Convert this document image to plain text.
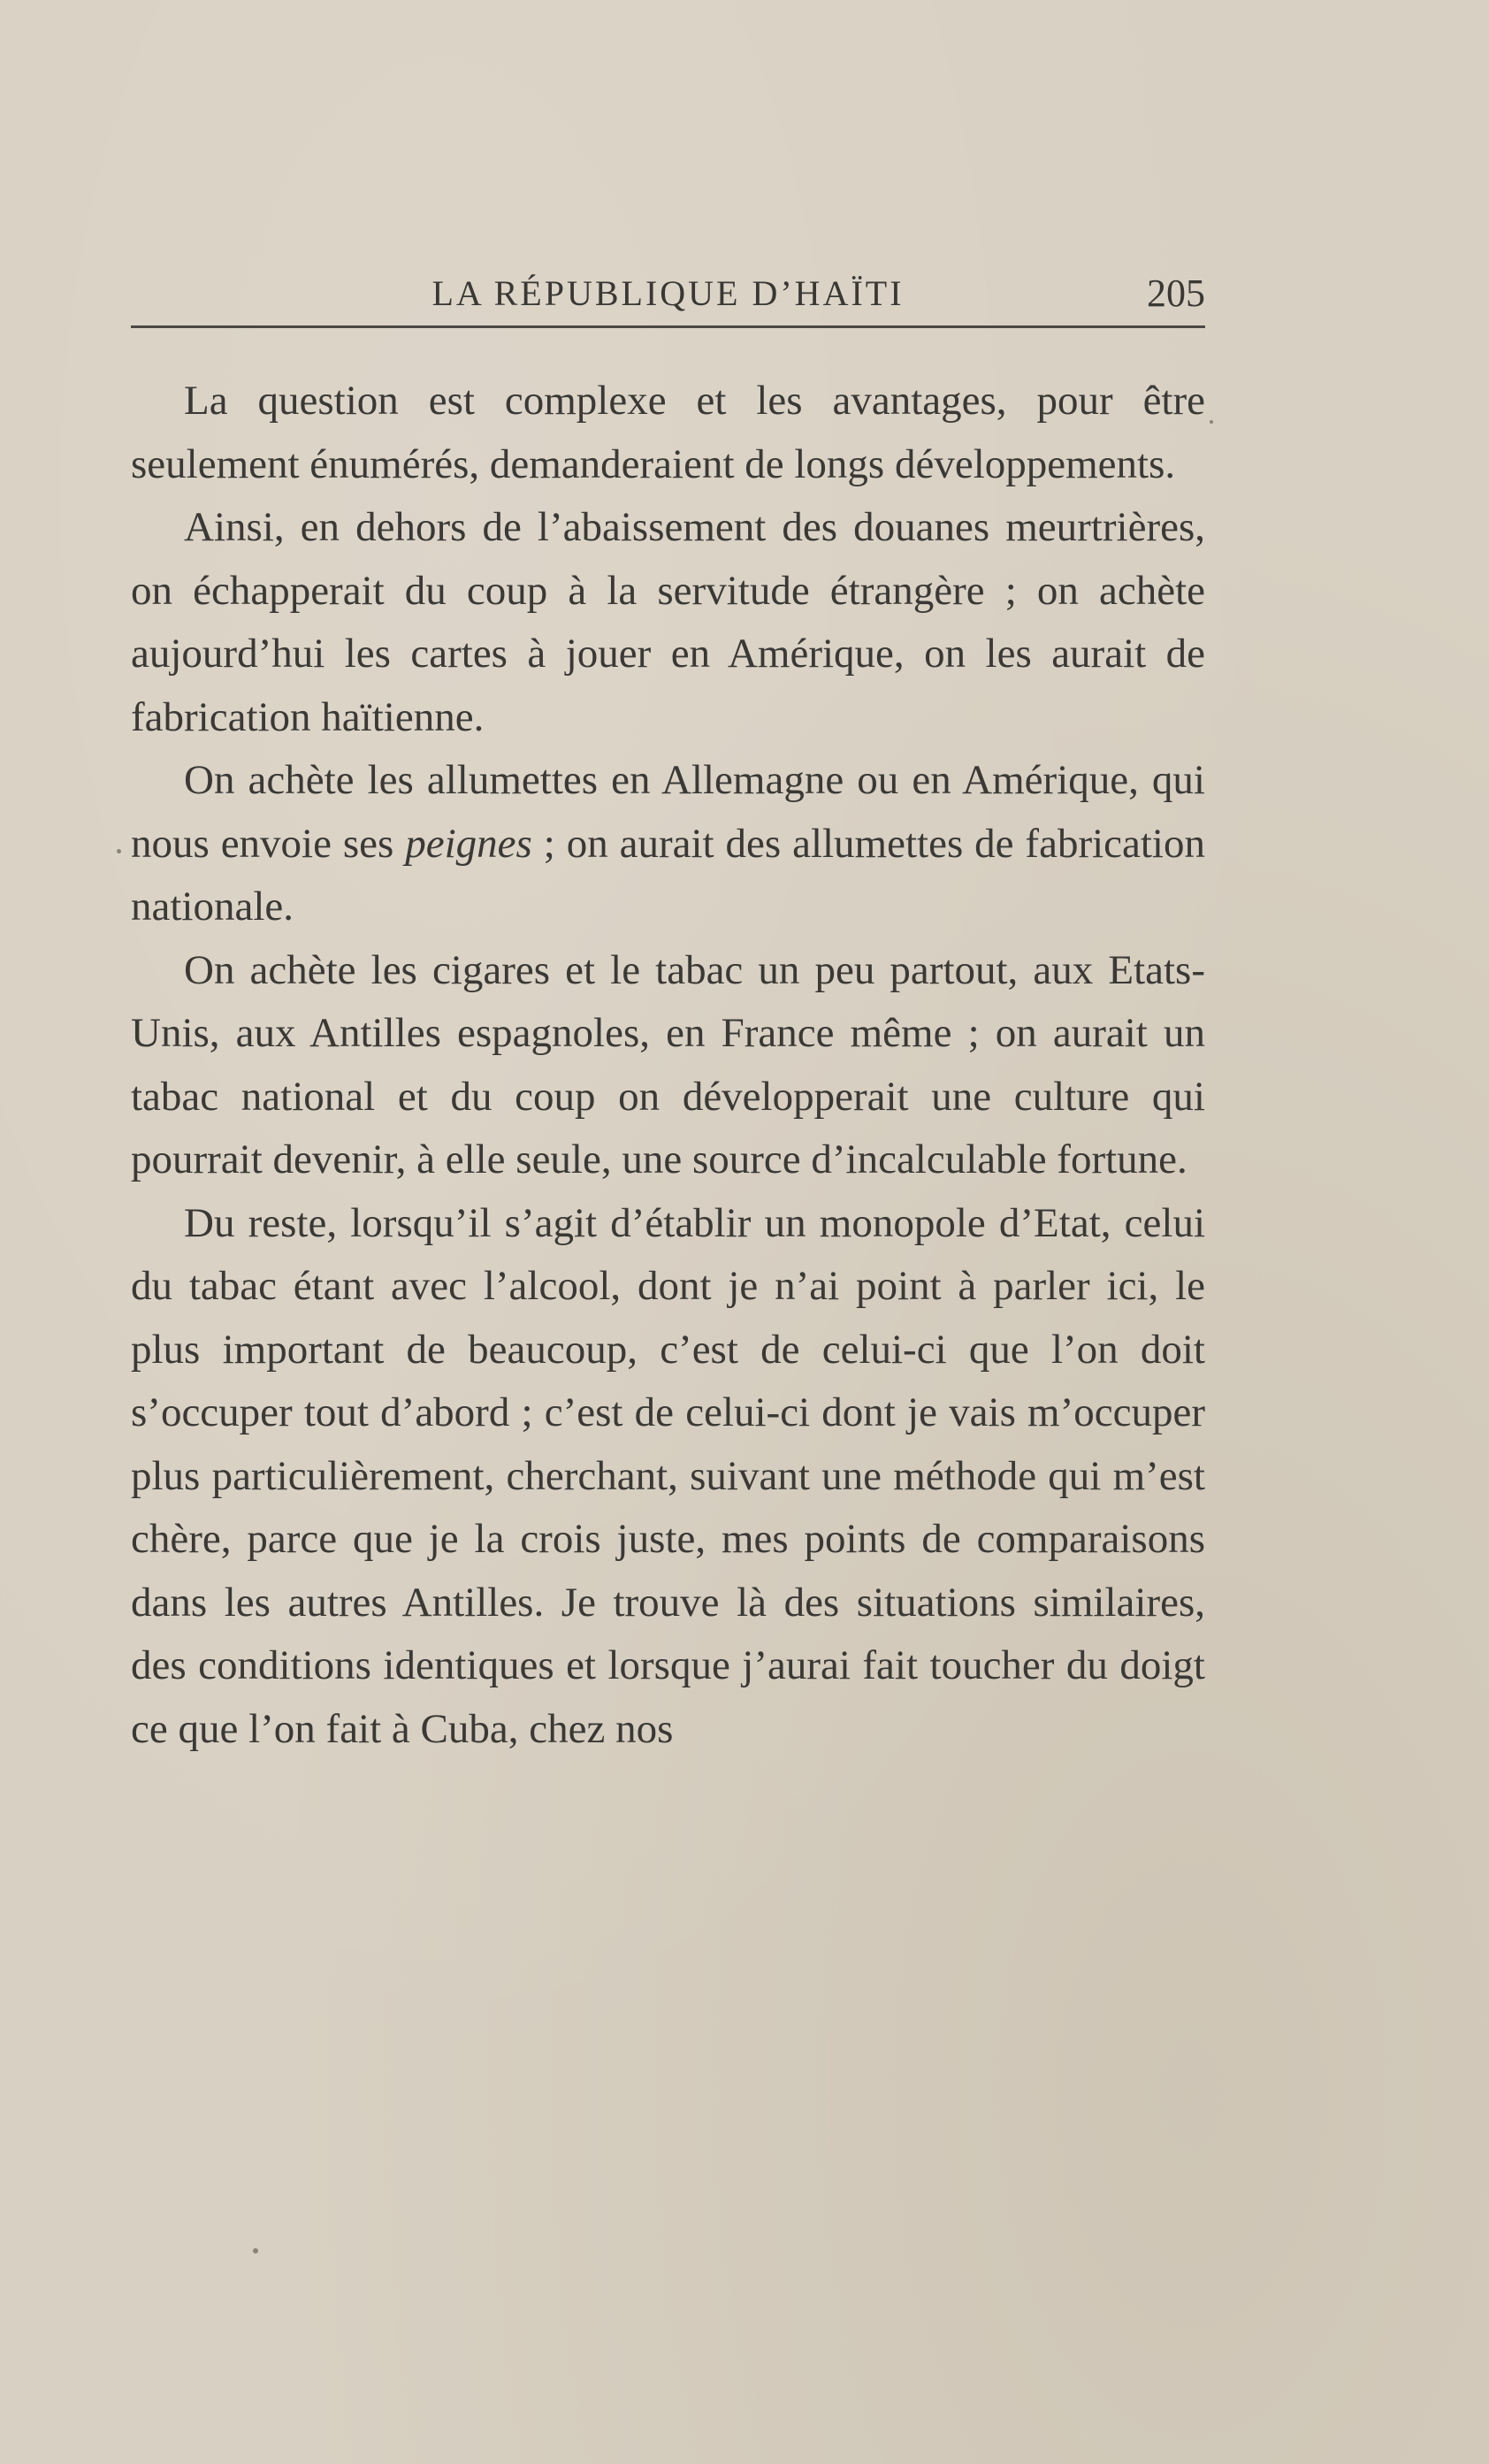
LA RÉPUBLIQUE D’HAÏTI	205

La question est complexe et les avantages, pour être seulement énumérés, demanderaient de longs développements.

Ainsi, en dehors de l’abaissement des douanes meurtrières, on échapperait du coup à la servitude étrangère ; on achète aujourd’hui les cartes à jouer en Amérique, on les aurait de fabrication haïtienne.

On achète les allumettes en Allemagne ou en Amérique, qui nous envoie ses peignes ; on aurait des allumettes de fabrication nationale.

On achète les cigares et le tabac un peu partout, aux Etats-Unis, aux Antilles espagnoles, en France même ; on aurait un tabac national et du coup on développerait une culture qui pourrait devenir, à elle seule, une source d’incalculable fortune.

Du reste, lorsqu’il s’agit d’établir un monopole d’Etat, celui du tabac étant avec l’alcool, dont je n’ai point à parler ici, le plus important de beaucoup, c’est de celui-ci que l’on doit s’occuper tout d’abord ; c’est de celui-ci dont je vais m’occuper plus particulièrement, cherchant, suivant une méthode qui m’est chère, parce que je la crois juste, mes points de comparaisons dans les autres Antilles. Je trouve là des situations similaires, des conditions identiques et lorsque j’aurai fait toucher du doigt ce que l’on fait à Cuba, chez nos
